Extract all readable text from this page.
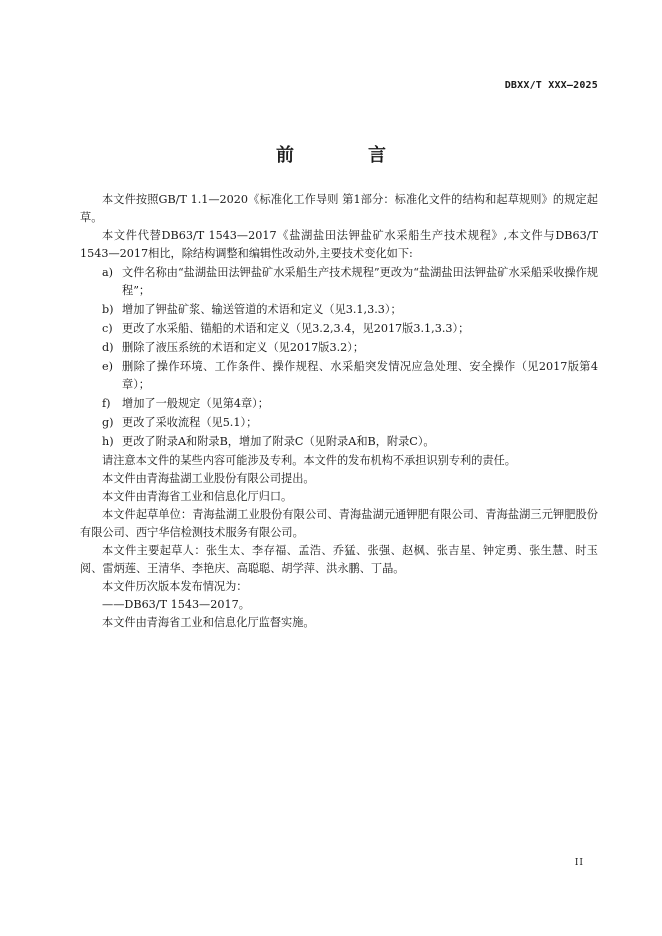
DBXX/T XXX—2025
前　言

本文件按照GB/T 1.1—2020《标准化工作导则 第1部分：标准化文件的结构和起草规则》的规定起草。

本文件代替DB63/T 1543—2017《盐湖盐田法钾盐矿水采船生产技术规程》,本文件与DB63/T 1543—2017相比，除结构调整和编辑性改动外,主要技术变化如下:

a) 文件名称由“盐湖盐田法钾盐矿水采船生产技术规程”更改为“盐湖盐田法钾盐矿水采船采收操作规程”；
b) 增加了钾盐矿浆、输送管道的术语和定义（见3.1,3.3）；
c) 更改了水采船、锚船的术语和定义（见3.2,3.4，见2017版3.1,3.3）；
d) 删除了液压系统的术语和定义（见2017版3.2）；
e) 删除了操作环境、工作条件、操作规程、水采船突发情况应急处理、安全操作（见2017版第4章）；
f) 增加了一般规定（见第4章）；
g) 更改了采收流程（见5.1）；
h) 更改了附录A和附录B，增加了附录C（见附录A和B，附录C）。

请注意本文件的某些内容可能涉及专利。本文件的发布机构不承担识别专利的责任。

本文件由青海盐湖工业股份有限公司提出。

本文件由青海省工业和信息化厅归口。

本文件起草单位：青海盐湖工业股份有限公司、青海盐湖元通钾肥有限公司、青海盐湖三元钾肥股份有限公司、西宁华信检测技术服务有限公司。

本文件主要起草人：张生太、李存福、孟浩、乔猛、张强、赵枫、张吉星、钟定勇、张生慧、时玉阅、雷炳莲、王清华、李艳庆、高聪聪、胡学萍、洪永鹏、丁晶。

本文件历次版本发布情况为：

——DB63/T 1543—2017。

本文件由青海省工业和信息化厅监督实施。

II
